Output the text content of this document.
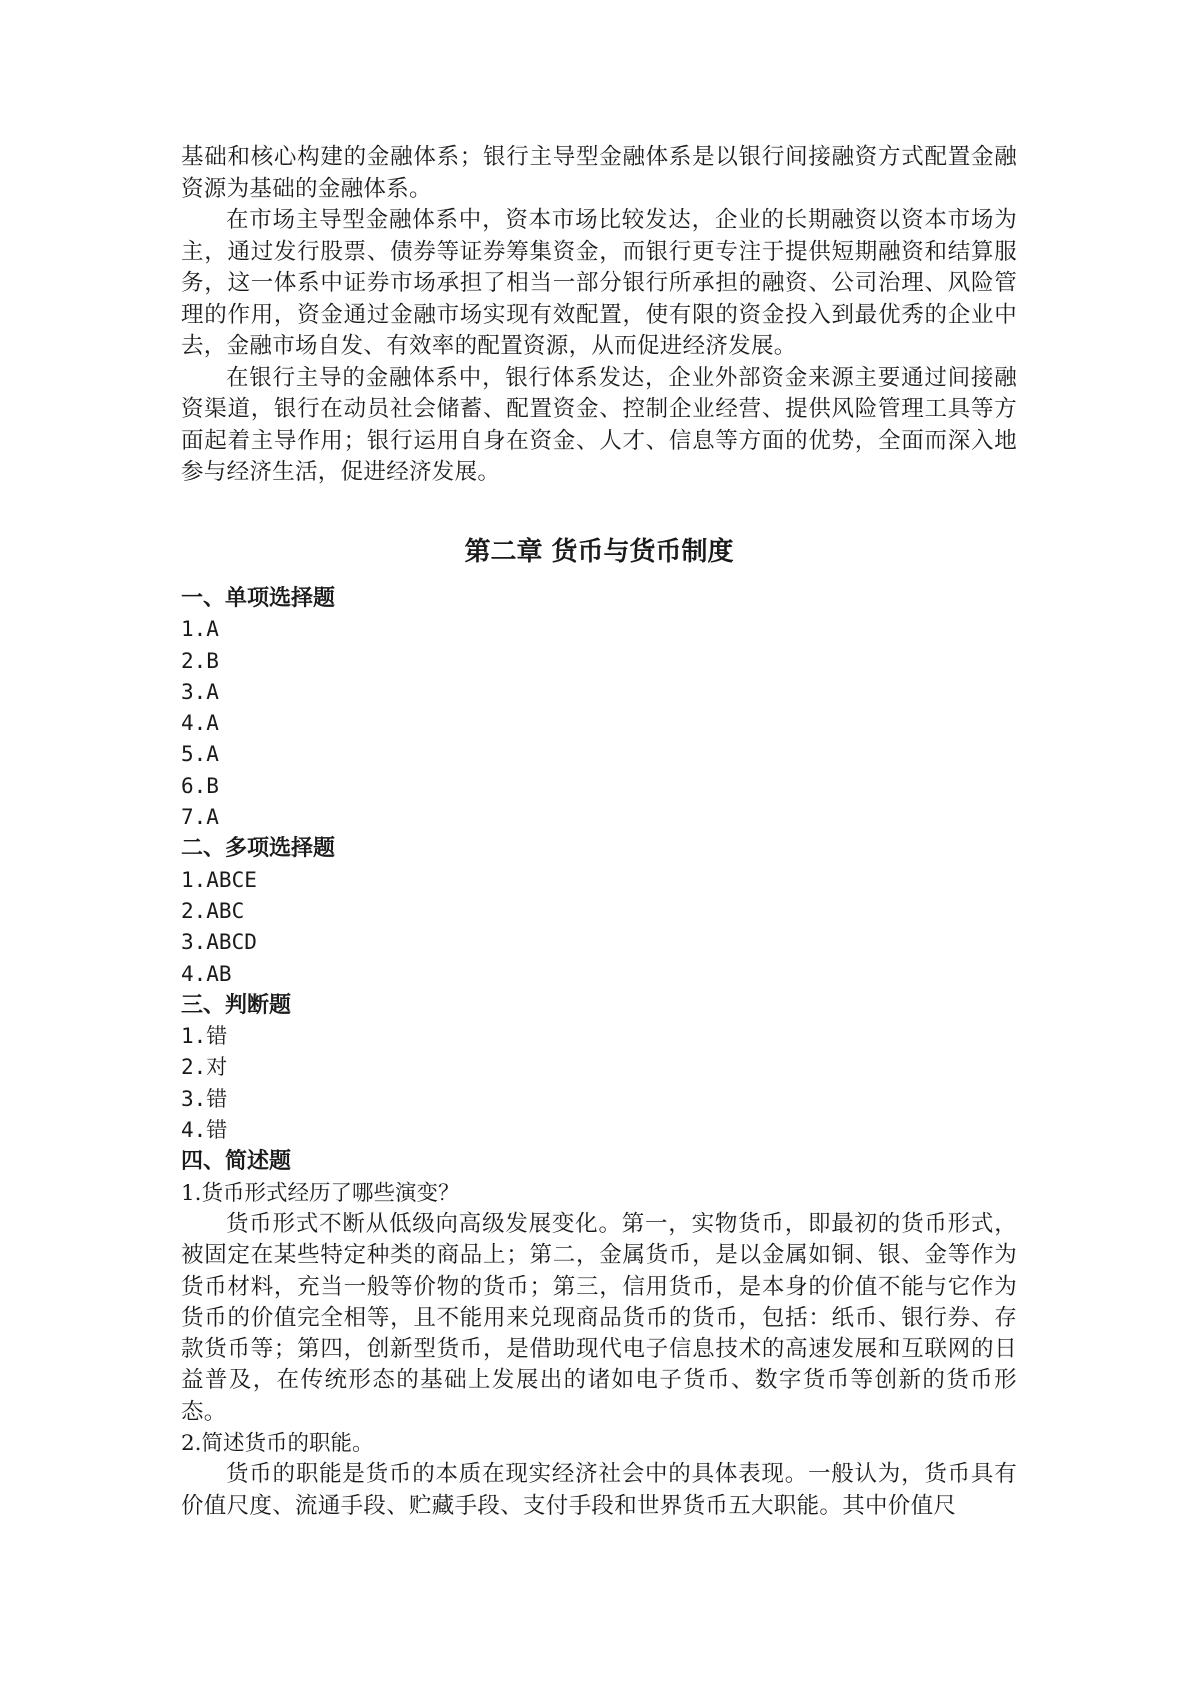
基础和核心构建的金融体系；银行主导型金融体系是以银行间接融资方式配置金融资源为基础的金融体系。

在市场主导型金融体系中，资本市场比较发达，企业的长期融资以资本市场为主，通过发行股票、债券等证券筹集资金，而银行更专注于提供短期融资和结算服务，这一体系中证券市场承担了相当一部分银行所承担的融资、公司治理、风险管理的作用，资金通过金融市场实现有效配置，使有限的资金投入到最优秀的企业中去，金融市场自发、有效率的配置资源，从而促进经济发展。

在银行主导的金融体系中，银行体系发达，企业外部资金来源主要通过间接融资渠道，银行在动员社会储蓄、配置资金、控制企业经营、提供风险管理工具等方面起着主导作用；银行运用自身在资金、人才、信息等方面的优势，全面而深入地参与经济生活，促进经济发展。

第二章 货币与货币制度

一、单项选择题

1.A

2.B

3.A

4.A

5.A

6.B

7.A

二、多项选择题

1.ABCE

2.ABC

3.ABCD

4.AB

三、判断题

1.错

2.对

3.错

4.错

四、简述题

1.货币形式经历了哪些演变？

货币形式不断从低级向高级发展变化。第一，实物货币，即最初的货币形式，被固定在某些特定种类的商品上；第二，金属货币，是以金属如铜、银、金等作为货币材料，充当一般等价物的货币；第三，信用货币，是本身的价值不能与它作为货币的价值完全相等，且不能用来兑现商品货币的货币，包括：纸币、银行券、存款货币等；第四，创新型货币，是借助现代电子信息技术的高速发展和互联网的日益普及，在传统形态的基础上发展出的诸如电子货币、数字货币等创新的货币形态。

2.简述货币的职能。

货币的职能是货币的本质在现实经济社会中的具体表现。一般认为，货币具有价值尺度、流通手段、贮藏手段、支付手段和世界货币五大职能。其中价值尺
